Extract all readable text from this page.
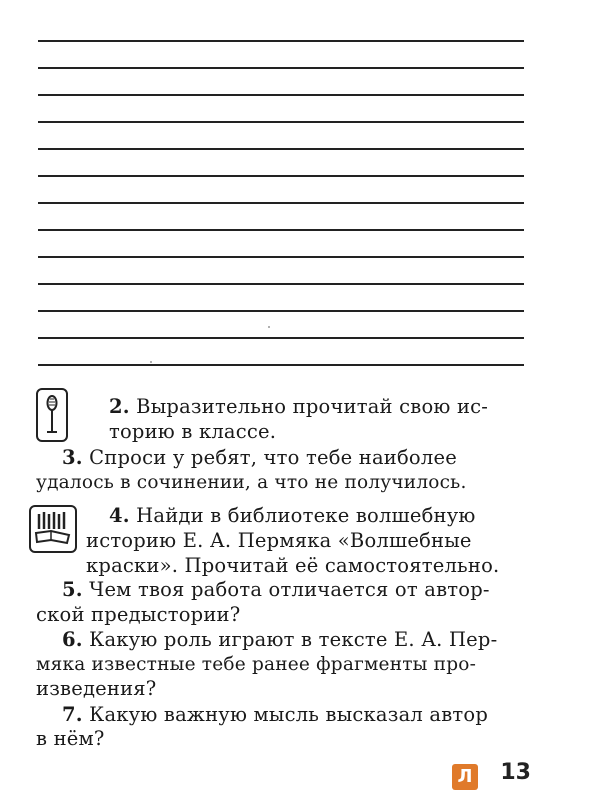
2. Выразительно прочитай свою ис-
торию в классе.
3. Спроси у ребят, что тебе наиболее
удалось в сочинении, а что не получилось.
4. Найди в библиотеке волшебную
историю Е. А. Пермяка «Волшебные
краски». Прочитай её самостоятельно.
5. Чем твоя работа отличается от автор-
ской предыстории?
6. Какую роль играют в тексте Е. А. Пер-
мяка известные тебе ранее фрагменты про-
изведения?
7. Какую важную мысль высказал автор
в нём?
Л 13
